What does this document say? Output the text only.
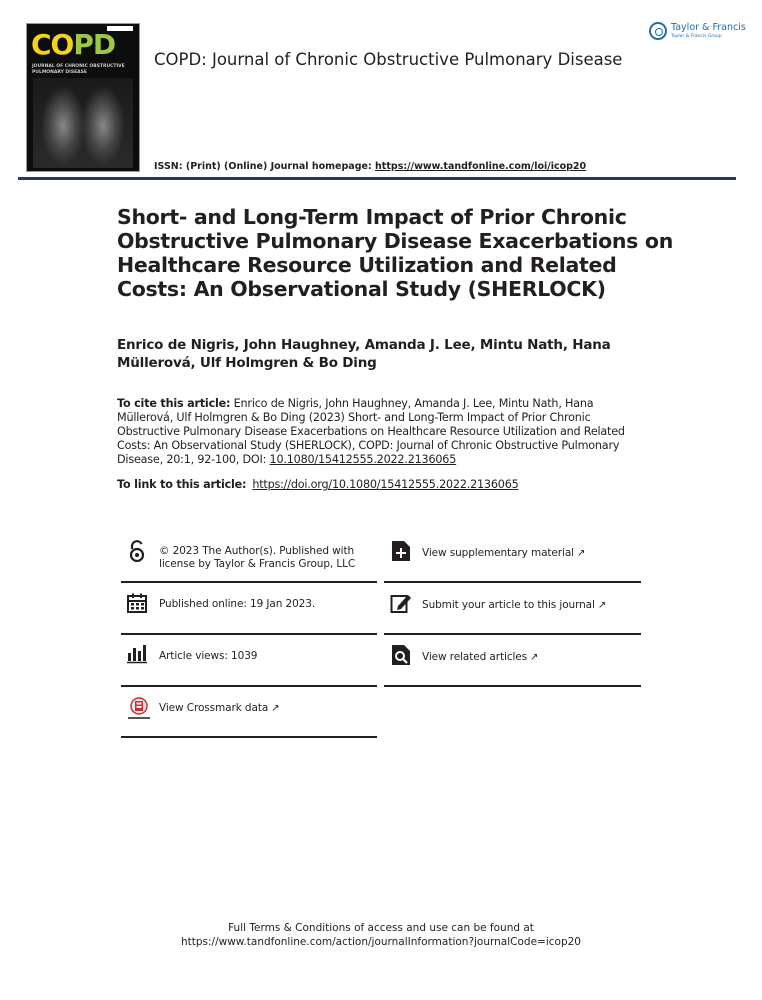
COPD
JOURNAL OF CHRONIC OBSTRUCTIVE PULMONARY DISEASE
COPD: Journal of Chronic Obstructive Pulmonary Disease
Taylor & Francis
Taylor & Francis Group
ISSN: (Print) (Online) Journal homepage: https://www.tandfonline.com/loi/icop20
Short- and Long-Term Impact of Prior Chronic Obstructive Pulmonary Disease Exacerbations on Healthcare Resource Utilization and Related Costs: An Observational Study (SHERLOCK)
Enrico de Nigris, John Haughney, Amanda J. Lee, Mintu Nath, Hana Müllerová, Ulf Holmgren & Bo Ding
To cite this article: Enrico de Nigris, John Haughney, Amanda J. Lee, Mintu Nath, Hana Müllerová, Ulf Holmgren & Bo Ding (2023) Short- and Long-Term Impact of Prior Chronic Obstructive Pulmonary Disease Exacerbations on Healthcare Resource Utilization and Related Costs: An Observational Study (SHERLOCK), COPD: Journal of Chronic Obstructive Pulmonary Disease, 20:1, 92-100, DOI: 10.1080/15412555.2022.2136065
To link to this article: https://doi.org/10.1080/15412555.2022.2136065
© 2023 The Author(s). Published with license by Taylor & Francis Group, LLC
Published online: 19 Jan 2023.
Article views: 1039
View Crossmark data ↗
View supplementary material ↗
Submit your article to this journal ↗
View related articles ↗
Full Terms & Conditions of access and use can be found at
https://www.tandfonline.com/action/journalInformation?journalCode=icop20
